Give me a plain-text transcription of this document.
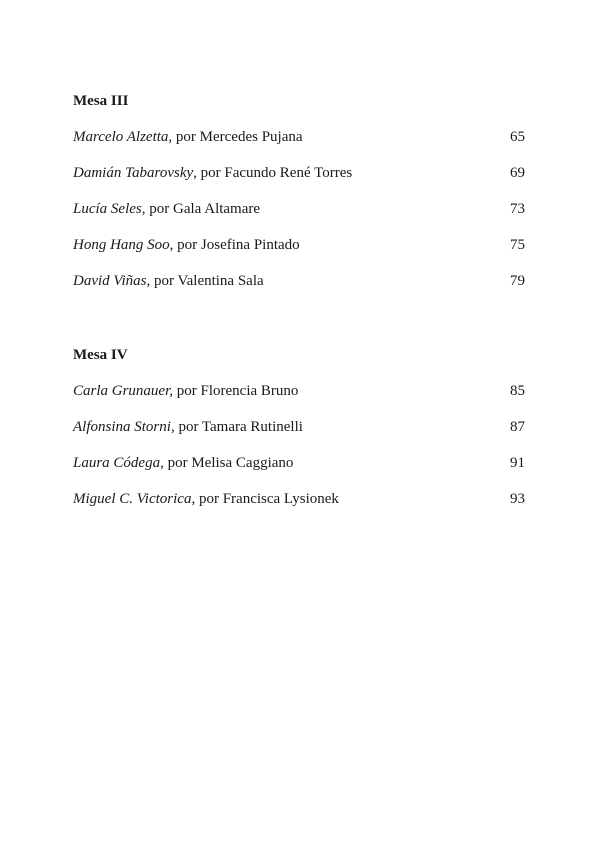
Mesa III
Marcelo Alzetta, por Mercedes Pujana	65
Damián Tabarovsky, por Facundo René Torres	69
Lucía Seles, por Gala Altamare	73
Hong Hang Soo, por Josefina Pintado	75
David Viñas, por Valentina Sala	79
Mesa IV
Carla Grunauer, por Florencia Bruno	85
Alfonsina Storni, por Tamara Rutinelli	87
Laura Códega, por Melisa Caggiano	91
Miguel C. Victorica, por Francisca Lysionek	93
